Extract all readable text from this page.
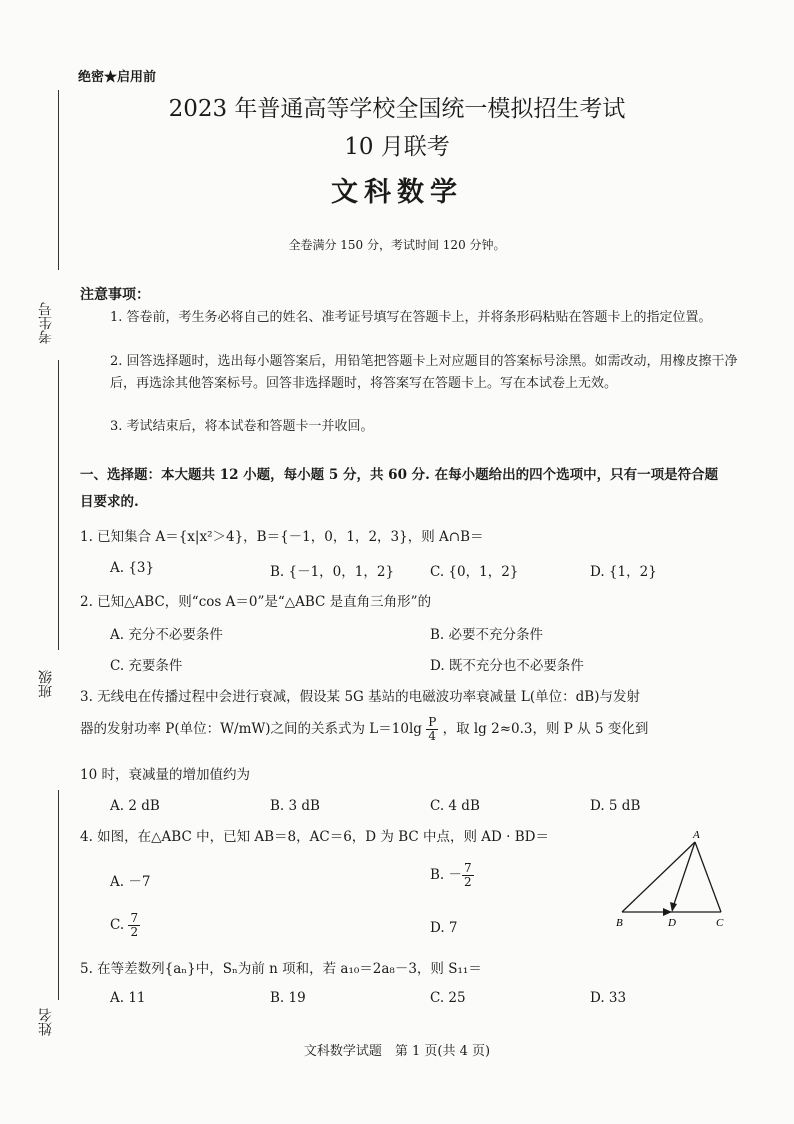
绝密★启用前
2023 年普通高等学校全国统一模拟招生考试
10 月联考
文科数学
全卷满分 150 分，考试时间 120 分钟。
考生号
班级
姓名
注意事项：
1. 答卷前，考生务必将自己的姓名、准考证号填写在答题卡上，并将条形码粘贴在答题卡上的指定位置。
2. 回答选择题时，选出每小题答案后，用铅笔把答题卡上对应题目的答案标号涂黑。如需改动，用橡皮擦干净后，再选涂其他答案标号。回答非选择题时，将答案写在答题卡上。写在本试卷上无效。
3. 考试结束后，将本试卷和答题卡一并收回。
一、选择题：本大题共 12 小题，每小题 5 分，共 60 分. 在每小题给出的四个选项中，只有一项是符合题目要求的.
1. 已知集合 A＝{x|x²＞4}，B＝{－1，0，1，2，3}，则 A∩B＝
A. {3}	B. {－1，0，1，2}	C. {0，1，2}	D. {1，2}
2. 已知△ABC，则“cos A＝0”是“△ABC 是直角三角形”的
A. 充分不必要条件	B. 必要不充分条件
C. 充要条件	D. 既不充分也不必要条件
3. 无线电在传播过程中会进行衰减，假设某 5G 基站的电磁波功率衰减量 L(单位：dB)与发射
器的发射功率 P(单位：W/mW)之间的关系式为 $L=10\lg \frac{P}{4}$ ，取 lg 2≈0.3，则 P 从 5 变化到
10 时，衰减量的增加值约为
A. 2 dB	B. 3 dB	C. 4 dB	D. 5 dB
4. 如图，在△ABC 中，已知 AB＝8，AC＝6，D 为 BC 中点，则 AD · BD＝
A. －7	B. － $\frac{7}{2}$
C. $\frac{7}{2}$	D. 7
A
B	D	C
5. 在等差数列{aₙ}中，Sₙ为前 n 项和，若 a₁₀＝2a₈－3，则 S₁₁＝
A. 11	B. 19	C. 25	D. 33
文科数学试题　第 1 页(共 4 页)
